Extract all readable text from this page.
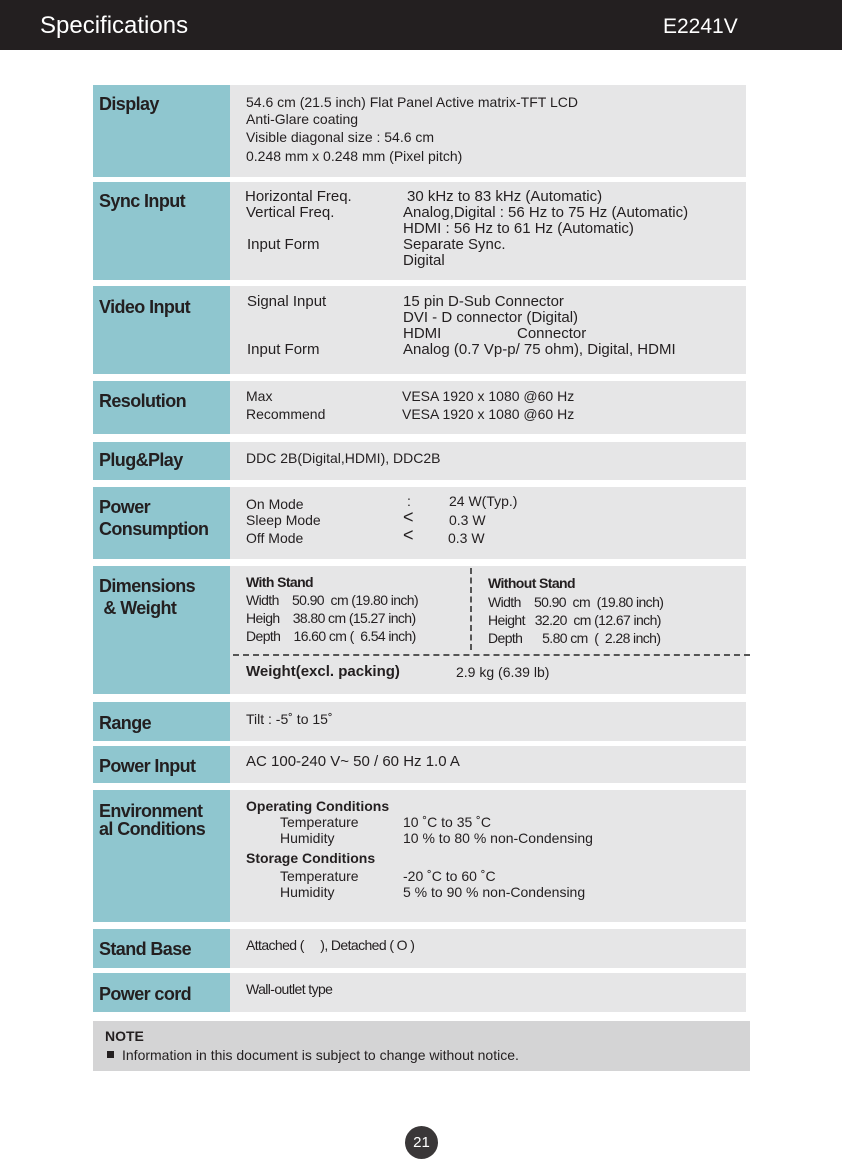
Specifications	E2241V
Display	54.6 cm (21.5 inch) Flat Panel Active matrix-TFT LCD
Anti-Glare coating
Visible diagonal size : 54.6 cm
0.248 mm x 0.248 mm (Pixel pitch)
Sync Input	Horizontal Freq.	30 kHz to 83 kHz (Automatic)
Vertical Freq.	Analog,Digital : 56 Hz to 75 Hz (Automatic)
HDMI : 56 Hz to 61 Hz (Automatic)
Input Form	Separate Sync.
Digital
Video Input	Signal Input	15 pin D-Sub Connector
DVI - D connector (Digital)
HDMI	Connector
Input Form	Analog (0.7 Vp-p/ 75 ohm), Digital, HDMI
Resolution	Max	VESA 1920 x 1080 @60 Hz
Recommend	VESA 1920 x 1080 @60 Hz
Plug&Play	DDC 2B(Digital,HDMI), DDC2B
Power
Consumption
On Mode	:	24 W(Typ.)
Sleep Mode	<	0.3 W
Off Mode	< 0.3 W
Dimensions
& Weight
With Stand
Width    50.90  cm (19.80 inch)
Heigh    38.80 cm (15.27 inch)
Depth    16.60 cm (  6.54 inch)
Without Stand
Width    50.90  cm  (19.80 inch)
Height   32.20  cm (12.67 inch)
Depth      5.80 cm  (  2.28 inch)
Weight(excl. packing)	2.9 kg (6.39 lb)
Range	Tilt : -5˚ to 15˚
Power Input	AC 100-240 V~ 50 / 60 Hz 1.0 A
Environment
al Conditions
Operating Conditions
Temperature	10 ˚C to 35 ˚C
Humidity	10 % to 80 % non-Condensing
Storage Conditions
Temperature	-20 ˚C to 60 ˚C
Humidity	5 % to 90 % non-Condensing
Stand Base	Attached (     ), Detached ( O )
Power cord	Wall-outlet type
NOTE
Information in this document is subject to change without notice.
21
